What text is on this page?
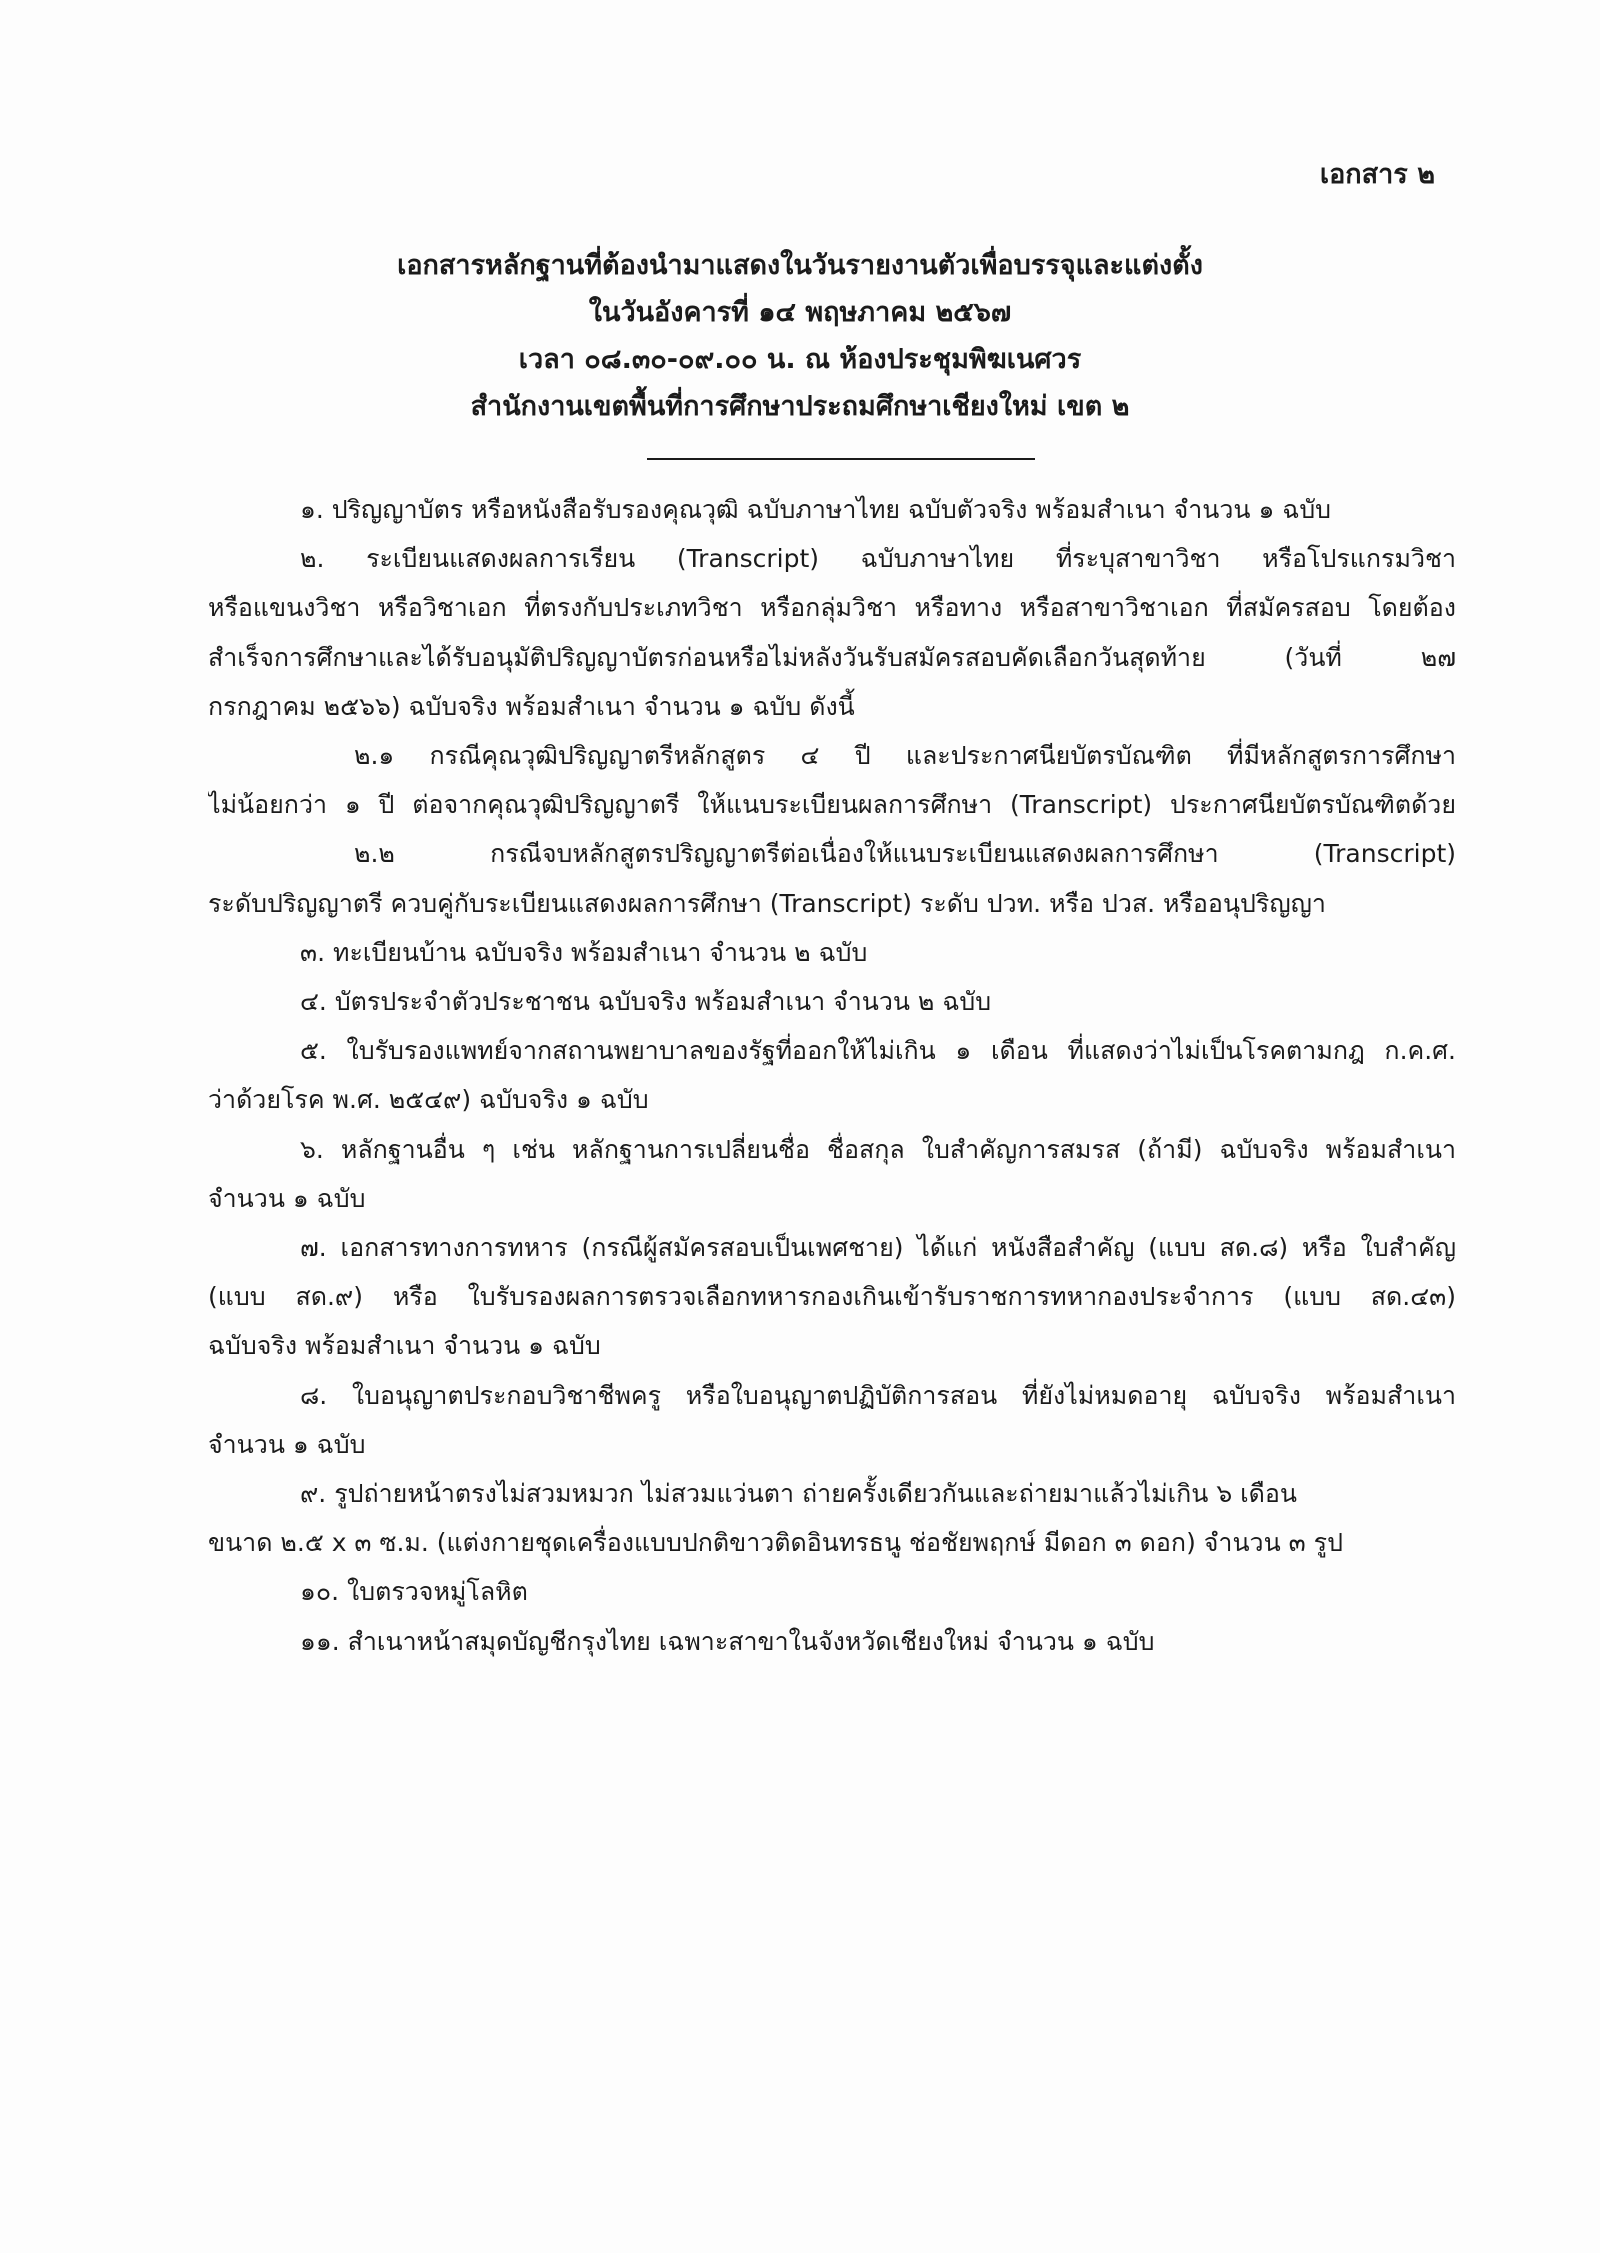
เอกสาร ๒
เอกสารหลักฐานที่ต้องนำมาแสดงในวันรายงานตัวเพื่อบรรจุและแต่งตั้ง
ในวันอังคารที่ ๑๔ พฤษภาคม ๒๕๖๗
เวลา ๐๘.๓๐-๐๙.๐๐ น. ณ ห้องประชุมพิฆเนศวร
สำนักงานเขตพื้นที่การศึกษาประถมศึกษาเชียงใหม่ เขต ๒
๑. ปริญญาบัตร หรือหนังสือรับรองคุณวุฒิ ฉบับภาษาไทย ฉบับตัวจริง พร้อมสำเนา จำนวน ๑ ฉบับ
๒. ระเบียนแสดงผลการเรียน (Transcript) ฉบับภาษาไทย ที่ระบุสาขาวิชา หรือโปรแกรมวิชา
หรือแขนงวิชา หรือวิชาเอก ที่ตรงกับประเภทวิชา หรือกลุ่มวิชา หรือทาง หรือสาขาวิชาเอก ที่สมัครสอบ โดยต้อง
สำเร็จการศึกษาและได้รับอนุมัติปริญญาบัตรก่อนหรือไม่หลังวันรับสมัครสอบคัดเลือกวันสุดท้าย (วันที่ ๒๗
กรกฎาคม ๒๕๖๖) ฉบับจริง พร้อมสำเนา จำนวน ๑ ฉบับ ดังนี้
๒.๑ กรณีคุณวุฒิปริญญาตรีหลักสูตร ๔ ปี และประกาศนียบัตรบัณฑิต ที่มีหลักสูตรการศึกษา
ไม่น้อยกว่า ๑ ปี ต่อจากคุณวุฒิปริญญาตรี ให้แนบระเบียนผลการศึกษา (Transcript) ประกาศนียบัตรบัณฑิตด้วย
๒.๒ กรณีจบหลักสูตรปริญญาตรีต่อเนื่องให้แนบระเบียนแสดงผลการศึกษา (Transcript)
ระดับปริญญาตรี ควบคู่กับระเบียนแสดงผลการศึกษา (Transcript) ระดับ ปวท. หรือ ปวส. หรืออนุปริญญา
๓. ทะเบียนบ้าน ฉบับจริง พร้อมสำเนา จำนวน ๒ ฉบับ
๔. บัตรประจำตัวประชาชน ฉบับจริง พร้อมสำเนา จำนวน ๒ ฉบับ
๕. ใบรับรองแพทย์จากสถานพยาบาลของรัฐที่ออกให้ไม่เกิน ๑ เดือน ที่แสดงว่าไม่เป็นโรคตามกฎ ก.ค.ศ.
ว่าด้วยโรค พ.ศ. ๒๕๔๙) ฉบับจริง ๑ ฉบับ
๖. หลักฐานอื่น ๆ เช่น หลักฐานการเปลี่ยนชื่อ ชื่อสกุล ใบสำคัญการสมรส (ถ้ามี) ฉบับจริง พร้อมสำเนา
จำนวน ๑ ฉบับ
๗. เอกสารทางการทหาร (กรณีผู้สมัครสอบเป็นเพศชาย) ได้แก่ หนังสือสำคัญ (แบบ สด.๘) หรือ ใบสำคัญ
(แบบ สด.๙) หรือ ใบรับรองผลการตรวจเลือกทหารกองเกินเข้ารับราชการทหากองประจำการ (แบบ สด.๔๓)
ฉบับจริง พร้อมสำเนา จำนวน ๑ ฉบับ
๘. ใบอนุญาตประกอบวิชาชีพครู หรือใบอนุญาตปฏิบัติการสอน ที่ยังไม่หมดอายุ ฉบับจริง พร้อมสำเนา
จำนวน ๑ ฉบับ
๙. รูปถ่ายหน้าตรงไม่สวมหมวก ไม่สวมแว่นตา ถ่ายครั้งเดียวกันและถ่ายมาแล้วไม่เกิน ๖ เดือน
ขนาด ๒.๕ x ๓ ซ.ม. (แต่งกายชุดเครื่องแบบปกติขาวติดอินทรธนู ช่อชัยพฤกษ์ มีดอก ๓ ดอก) จำนวน ๓ รูป
๑๐. ใบตรวจหมู่โลหิต
๑๑. สำเนาหน้าสมุดบัญชีกรุงไทย เฉพาะสาขาในจังหวัดเชียงใหม่ จำนวน ๑ ฉบับ
